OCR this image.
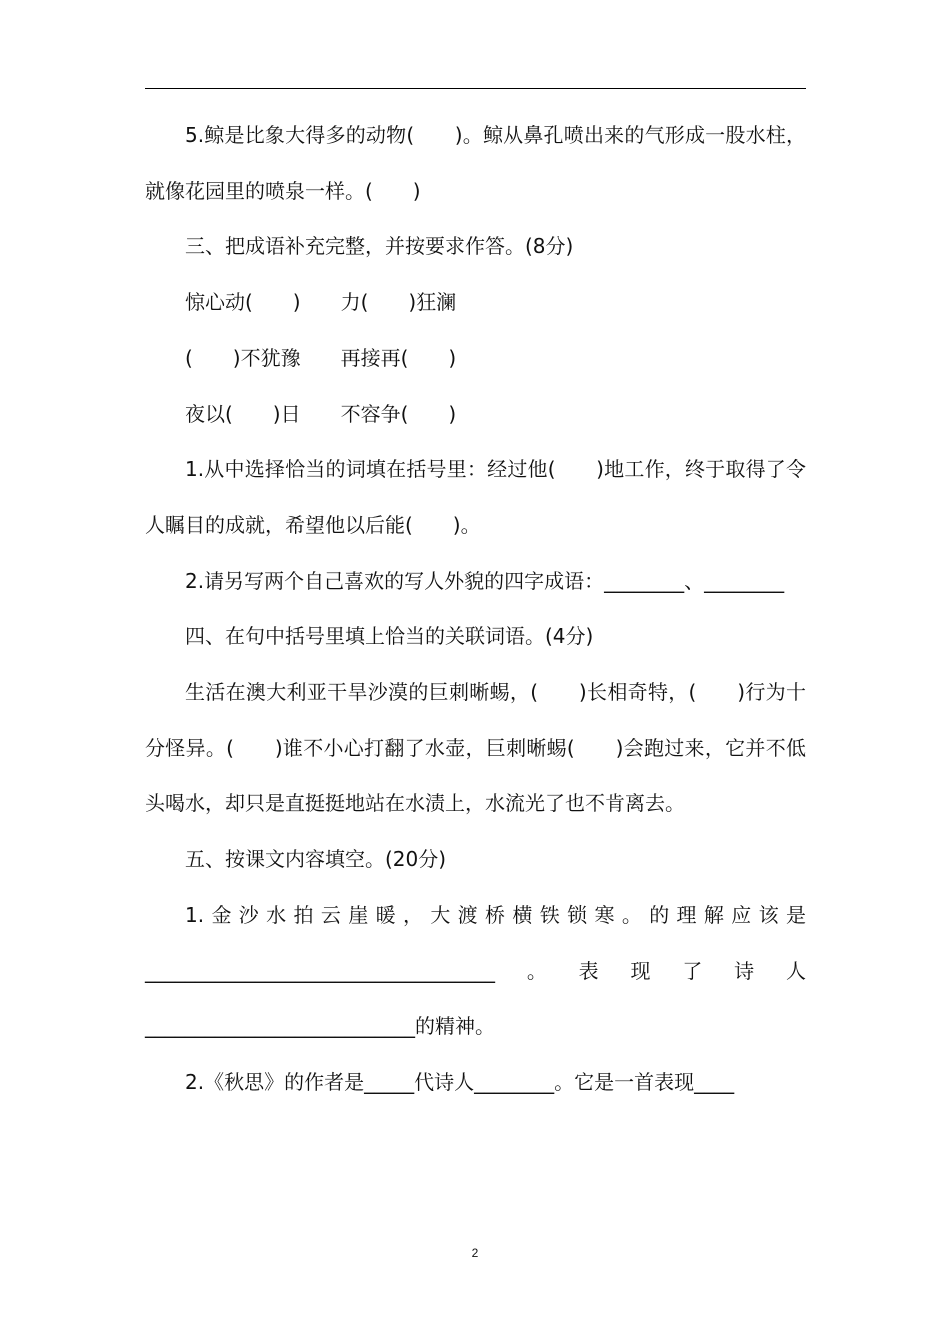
5.鲸是比象大得多的动物(　　)。鲸从鼻孔喷出来的气形成一股水柱，就像花园里的喷泉一样。(　　)

三、把成语补充完整，并按要求作答。(8分)

惊心动(　　)　　力(　　)狂澜

(　　)不犹豫　　再接再(　　)

夜以(　　)日　　不容争(　　)

1.从中选择恰当的词填在括号里：经过他(　　)地工作，终于取得了令人瞩目的成就，希望他以后能(　　)。

2.请另写两个自己喜欢的写人外貌的四字成语：________、________

四、在句中括号里填上恰当的关联词语。(4分)

生活在澳大利亚干旱沙漠的巨刺晰蜴，(　　)长相奇特，(　　)行为十分怪异。(　　)谁不小心打翻了水壶，巨刺晰蜴(　　)会跑过来，它并不低头喝水，却只是直挺挺地站在水渍上，水流光了也不肯离去。

五、按课文内容填空。(20分)

1.金沙水拍云崖暖，大渡桥横铁锁寒。的理解应该是___________________________________。表现了诗人___________________________的精神。

2.《秋思》的作者是_____代诗人________。它是一首表现____

2
